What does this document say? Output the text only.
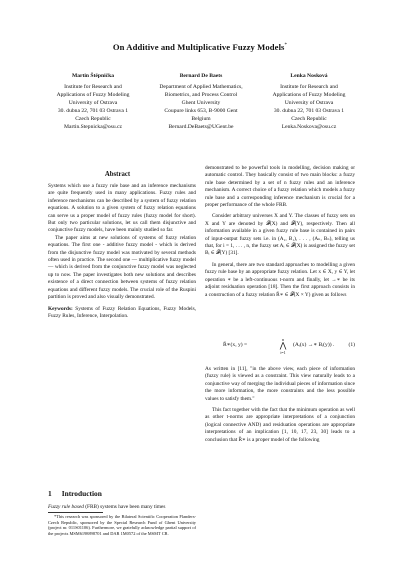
On Additive and Multiplicative Fuzzy Models*
Martin Štěpnička
Institute for Research and
Applications of Fuzzy Modeling
University of Ostrava
30. dubna 22, 701 03 Ostrava 1
Czech Republic
Martin.Stepnicka@osu.cz
Bernard De Baets
Department of Applied Mathematics,
Biometrics, and Process Control
Ghent University
Coupure links 653, B-9000 Gent
Belgium
Bernard.DeBaets@UGent.be
Lenka Nosková
Institute for Research and
Applications of Fuzzy Modeling
University of Ostrava
30. dubna 22, 701 03 Ostrava 1
Czech Republic
Lenka.Noskova@osu.cz
Abstract

Systems which use a fuzzy rule base and an inference mechanisms are quite frequently used in many applications. Fuzzy rules and inference mechanisms can be described by a system of fuzzy relation equations. A solution to a given system of fuzzy relation equations can serve us a proper model of fuzzy rules (fuzzy model for short). But only two particular solutions, let us call them disjunctive and conjunctive fuzzy models, have been mainly studied so far.

The paper aims at new solutions of systems of fuzzy relation equations. The first one - additive fuzzy model - which is derived from the disjunctive fuzzy model was motivated by several methods often used in practice. The second one — multiplicative fuzzy model — which is derived from the conjunctive fuzzy model was neglected up to now. The paper investigates both new solutions and describes existence of a direct connection between systems of fuzzy relation equations and different fuzzy models. The crucial role of the Ruspini partition is proved and also visually demonstrated.

Keywords: Systems of Fuzzy Relation Equations, Fuzzy Models, Fuzzy Rules, Inference, Interpolation.

1 Introduction
Fuzzy rule based (FRB) systems have been many times

*This research was sponsored by the Bilateral Scientific Cooperation Flanders-Czech Republic, sponsored by the Special Research Fund of Ghent University (project nr. 011S01106). Furthermore, we gratefully acknowledge partial support of the projects MSM6198898701 and DAR 1M0572 of the MSMT CR.

demonstrated to be powerful tools in modelling, decision making or automatic control. They basically consist of two main blocks: a fuzzy rule base determined by a set of n fuzzy rules and an inference mechanism. A correct choice of a fuzzy relation which models a fuzzy rule base and a corresponding inference mechanism is crucial for a proper performance of the whole FRB.

Consider arbitrary universes X and Y. The classes of fuzzy sets on X and Y are denoted by 𝓕(X) and 𝓕(Y), respectively. Then all information available in a given fuzzy rule base is contained in pairs of input-output fuzzy sets i.e. in (A₁, B₁), . . . , (Aₙ, Bₙ), telling us that, for i = 1, . . . , n, the fuzzy set Aᵢ ∈ 𝓕(X) is assigned the fuzzy set Bᵢ ∈ 𝓕(Y) [31].

In general, there are two standard approaches to modelling a given fuzzy rule base by an appropriate fuzzy relation. Let x ∈ X, y ∈ Y, let operation ∗ be a left-continuous t-norm and finally, let →∗ be its adjoint residuation operation [18]. Then the first approach consists in a construction of a fuzzy relation Ř∗ ∈ 𝓕(X × Y) given as follows

Ř∗(x, y) =
n
⋀
i=1
(Aᵢ(x) →∗ Bᵢ(y)) .	(1)

As written in [11], "in the above view, each piece of information (fuzzy rule) is viewed as a constraint. This view naturally leads to a conjunctive way of merging the individual pieces of information since the more information, the more constraints and the less possible values to satisfy them."

This fact together with the fact that the minimum operation as well as other t-norms are appropriate interpretations of a conjunction (logical connective AND) and residuation operations are appropriate interpretations of an implication [1, 10, 17, 23, 30] leads to a conclusion that Ř∗ is a proper model of the following
